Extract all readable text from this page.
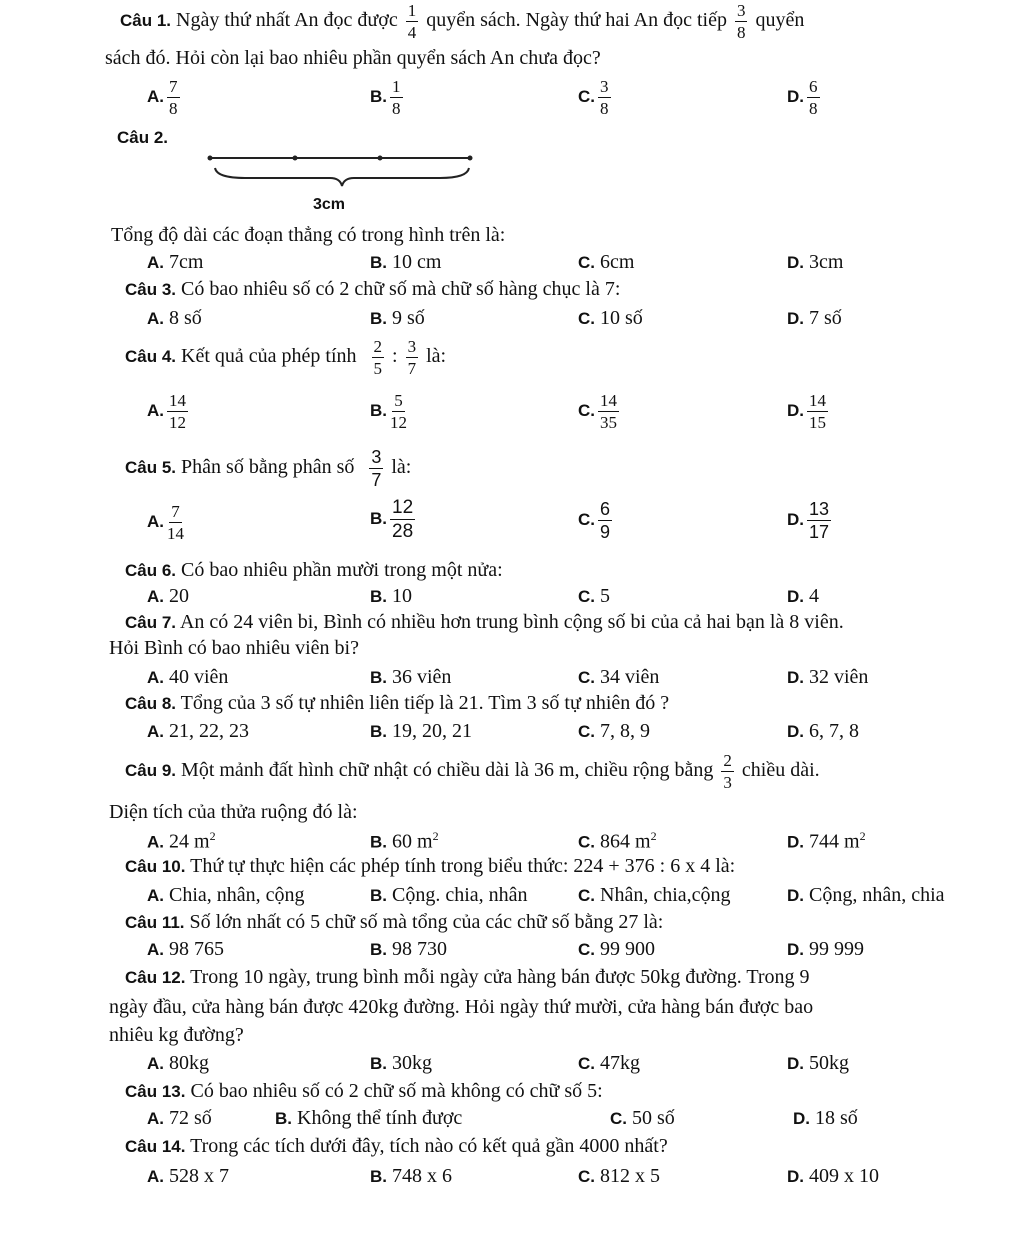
Câu 1. Ngày thứ nhất An đọc được $\frac{1}{4}$ quyển sách. Ngày thứ hai An đọc tiếp $\frac{3}{8}$ quyển
sách đó. Hỏi còn lại bao nhiêu phần quyển sách An chưa đọc?
A. $\frac{7}{8}$	B. $\frac{1}{8}$	C. $\frac{3}{8}$	D. $\frac{6}{8}$
Câu 2.
3cm
Tổng độ dài các đoạn thẳng có trong hình trên là:
A. 7cm	B. 10 cm	C. 6cm	D. 3cm
Câu 3. Có bao nhiêu số có 2 chữ số mà chữ số hàng chục là 7:
A. 8 số	B. 9 số	C. 10 số	D. 7 số
Câu 4. Kết quả của phép tính $\frac{2}{5}$ : $\frac{3}{7}$ là:
A. $\frac{14}{12}$	B. $\frac{5}{12}$	C. $\frac{14}{35}$	D. $\frac{14}{15}$
Câu 5. Phân số bằng phân số $\frac{3}{7}$ là:
A. $\frac{7}{14}$	B. $\frac{12}{28}$	C. $\frac{6}{9}$	D. $\frac{13}{17}$
Câu 6. Có bao nhiêu phần mười trong một nửa:
A. 20	B. 10	C. 5	D. 4
Câu 7. An có 24 viên bi, Bình có nhiều hơn trung bình cộng số bi của cả hai bạn là 8 viên.
Hỏi Bình có bao nhiêu viên bi?
A. 40 viên	B. 36 viên	C. 34 viên	D. 32 viên
Câu 8. Tổng của 3 số tự nhiên liên tiếp là 21. Tìm 3 số tự nhiên đó ?
A. 21, 22, 23	B. 19, 20, 21	C. 7, 8, 9	D. 6, 7, 8
Câu 9. Một mảnh đất hình chữ nhật có chiều dài là 36 m, chiều rộng bằng $\frac{2}{3}$ chiều dài.
Diện tích của thửa ruộng đó là:
A. 24 $m^2$	B. 60 $m^2$	C. 864 $m^2$	D. 744 $m^2$
Câu 10. Thứ tự thực hiện các phép tính trong biểu thức: 224 + 376 : 6 x 4 là:
A. Chia, nhân, cộng	B. Cộng. chia, nhân	C. Nhân, chia,cộng	D. Cộng, nhân, chia
Câu 11. Số lớn nhất có 5 chữ số mà tổng của các chữ số bằng 27 là:
A. 98 765	B. 98 730	C. 99 900	D. 99 999
Câu 12. Trong 10 ngày, trung bình mỗi ngày cửa hàng bán được 50kg đường. Trong 9
ngày đầu, cửa hàng bán được 420kg đường. Hỏi ngày thứ mười, cửa hàng bán được bao
nhiêu kg đường?
A. 80kg	B. 30kg	C. 47kg	D. 50kg
Câu 13. Có bao nhiêu số có 2 chữ số mà không có chữ số 5:
A. 72 số	B. Không thể tính được	C. 50 số	D. 18 số
Câu 14. Trong các tích dưới đây, tích nào có kết quả gần 4000 nhất?
A. 528 x 7	B. 748 x 6	C. 812 x 5	D. 409 x 10
